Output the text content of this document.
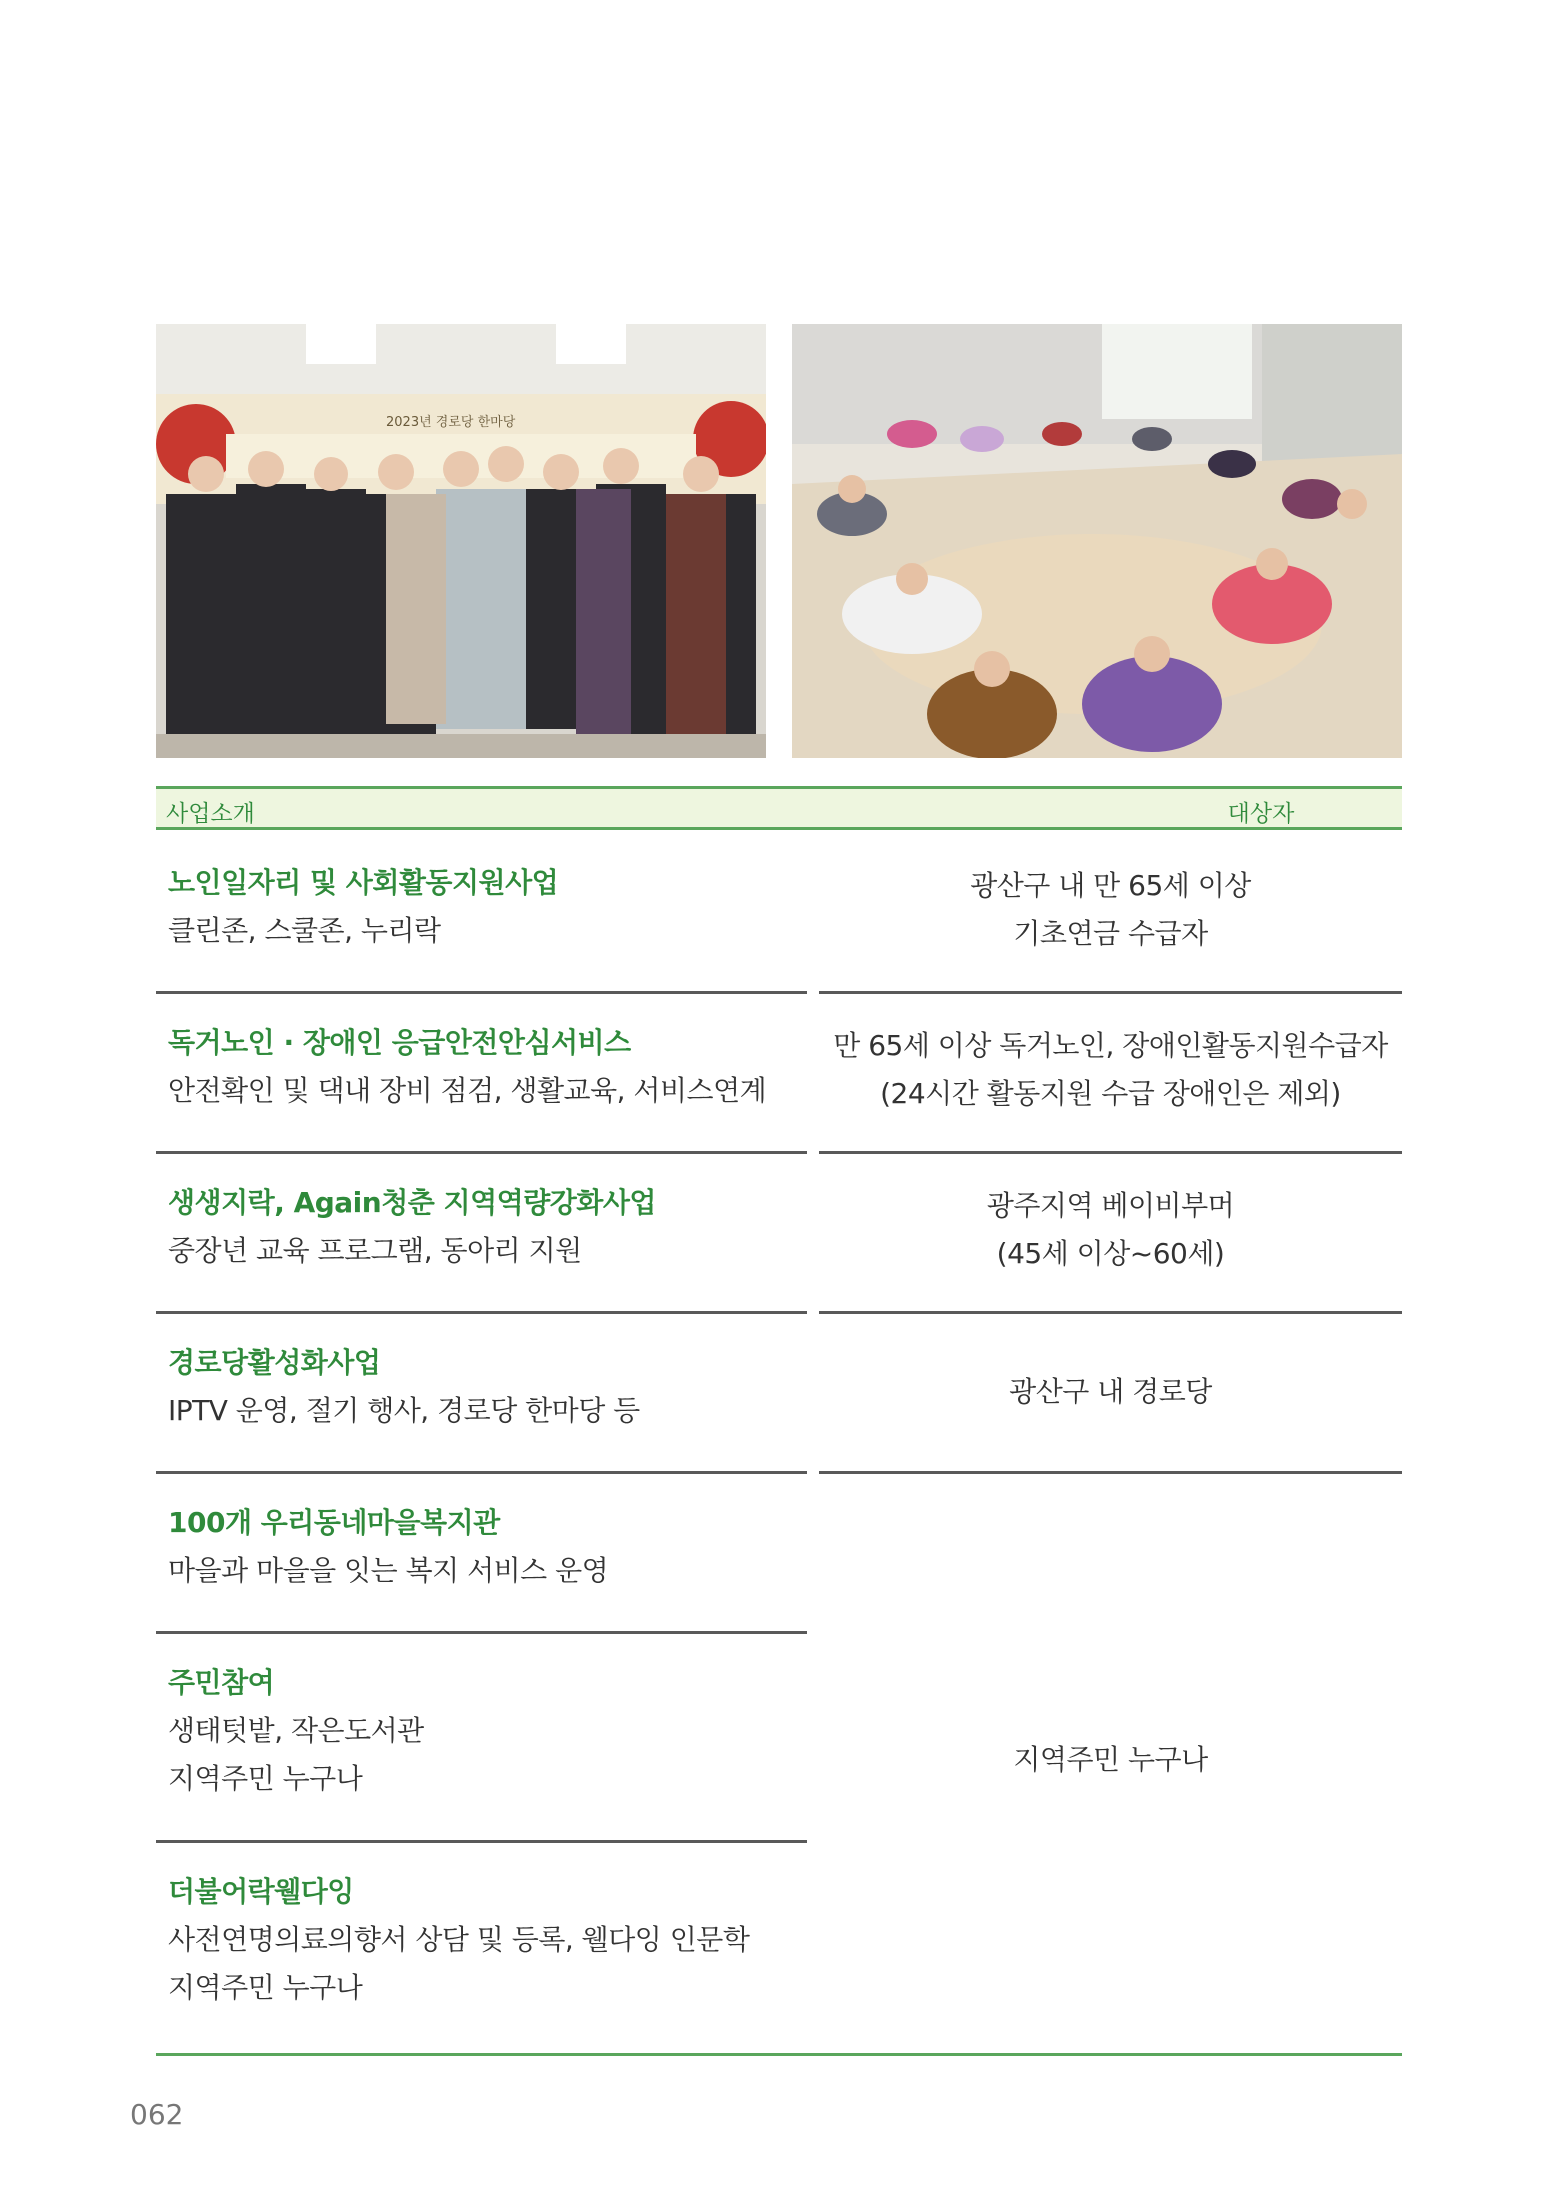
2023년 경로당 한마당
사업소개	대상자
노인일자리 및 사회활동지원사업
클린존, 스쿨존, 누리락
독거노인 · 장애인 응급안전안심서비스
안전확인 및 댁내 장비 점검, 생활교육, 서비스연계
생생지락, Again청춘 지역역량강화사업
중장년 교육 프로그램, 동아리 지원
경로당활성화사업
IPTV 운영, 절기 행사, 경로당 한마당 등
100개 우리동네마을복지관
마을과 마을을 잇는 복지 서비스 운영
주민참여
생태텃밭, 작은도서관
지역주민 누구나
더불어락웰다잉
사전연명의료의향서 상담 및 등록, 웰다잉 인문학
지역주민 누구나
광산구 내 만 65세 이상
기초연금 수급자
만 65세 이상 독거노인, 장애인활동지원수급자
(24시간 활동지원 수급 장애인은 제외)
광주지역 베이비부머
(45세 이상~60세)
광산구 내 경로당
지역주민 누구나
062
